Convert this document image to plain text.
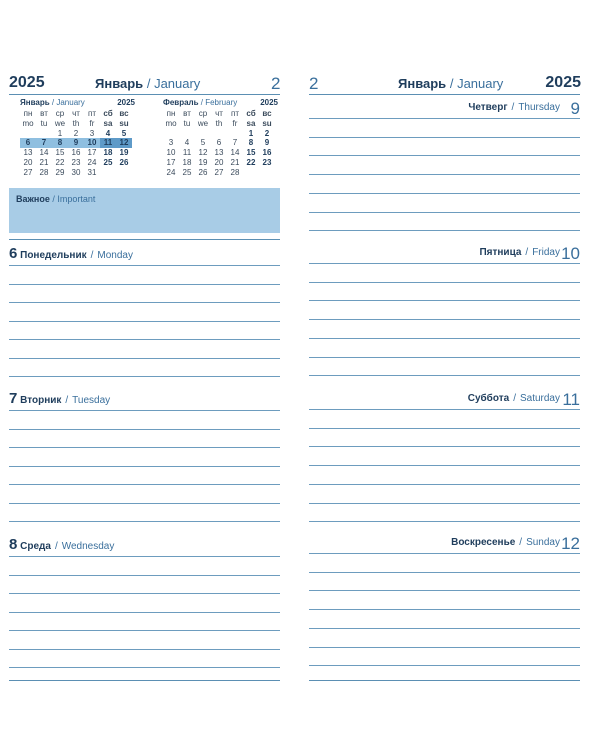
2025	Январь / January	2
Январь / January	2025
пн	вт	ср	чт	пт	сб	вс
mo	tu	we	th	fr	sa	su
		1	2	3	4	5
6	7	8	9	10	11	12
13	14	15	16	17	18	19
20	21	22	23	24	25	26
27	28	29	30	31		
Февраль / February	2025
пн	вт	ср	чт	пт	сб	вс
mo	tu	we	th	fr	sa	su
					1	2
3	4	5	6	7	8	9
10	11	12	13	14	15	16
17	18	19	20	21	22	23
24	25	26	27	28		
Важное / Important
6 Понедельник / Monday
7 Вторник / Tuesday
8 Среда / Wednesday
2	Январь / January	2025
Четверг / Thursday 9
Пятница / Friday 10
Суббота / Saturday 11
Воскресенье / Sunday 12
